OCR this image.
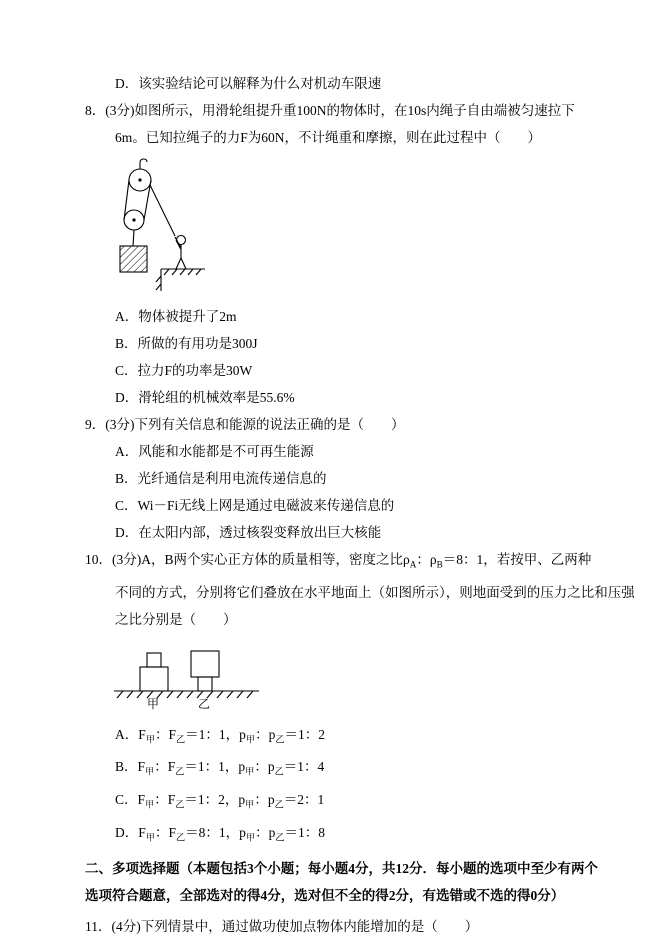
D．该实验结论可以解释为什么对机动车限速
8．(3分)如图所示，用滑轮组提升重100N的物体时，在10s内绳子自由端被匀速拉下
6m。已知拉绳子的力F为60N，不计绳重和摩擦，则在此过程中（　　）
A．物体被提升了2m
B．所做的有用功是300J
C．拉力F的功率是30W
D．滑轮组的机械效率是55.6%
9．(3分)下列有关信息和能源的说法正确的是（　　）
A．风能和水能都是不可再生能源
B．光纤通信是利用电流传递信息的
C．Wi－Fi无线上网是通过电磁波来传递信息的
D．在太阳内部，透过核裂变释放出巨大核能
10．(3分)A，B两个实心正方体的质量相等，密度之比$\rho_A$：$\rho_B=8$：1，若按甲、乙两种
不同的方式，分别将它们叠放在水平地面上（如图所示），则地面受到的压力之比和压强
之比分别是（　　）
甲	乙
A．$F_甲$：$F_乙=1$：1，$p_甲$：$p_乙=1$：2
B．$F_甲$：$F_乙=1$：1，$p_甲$：$p_乙=1$：4
C．$F_甲$：$F_乙=1$：2，$p_甲$：$p_乙=2$：1
D．$F_甲$：$F_乙=8$：1，$p_甲$：$p_乙=1$：8
二、多项选择题（本题包括3个小题；每小题4分，共12分．每小题的选项中至少有两个
选项符合题意，全部选对的得4分，选对但不全的得2分，有选错或不选的得0分）
11．(4分)下列情景中，通过做功使加点物体内能增加的是（　　）
